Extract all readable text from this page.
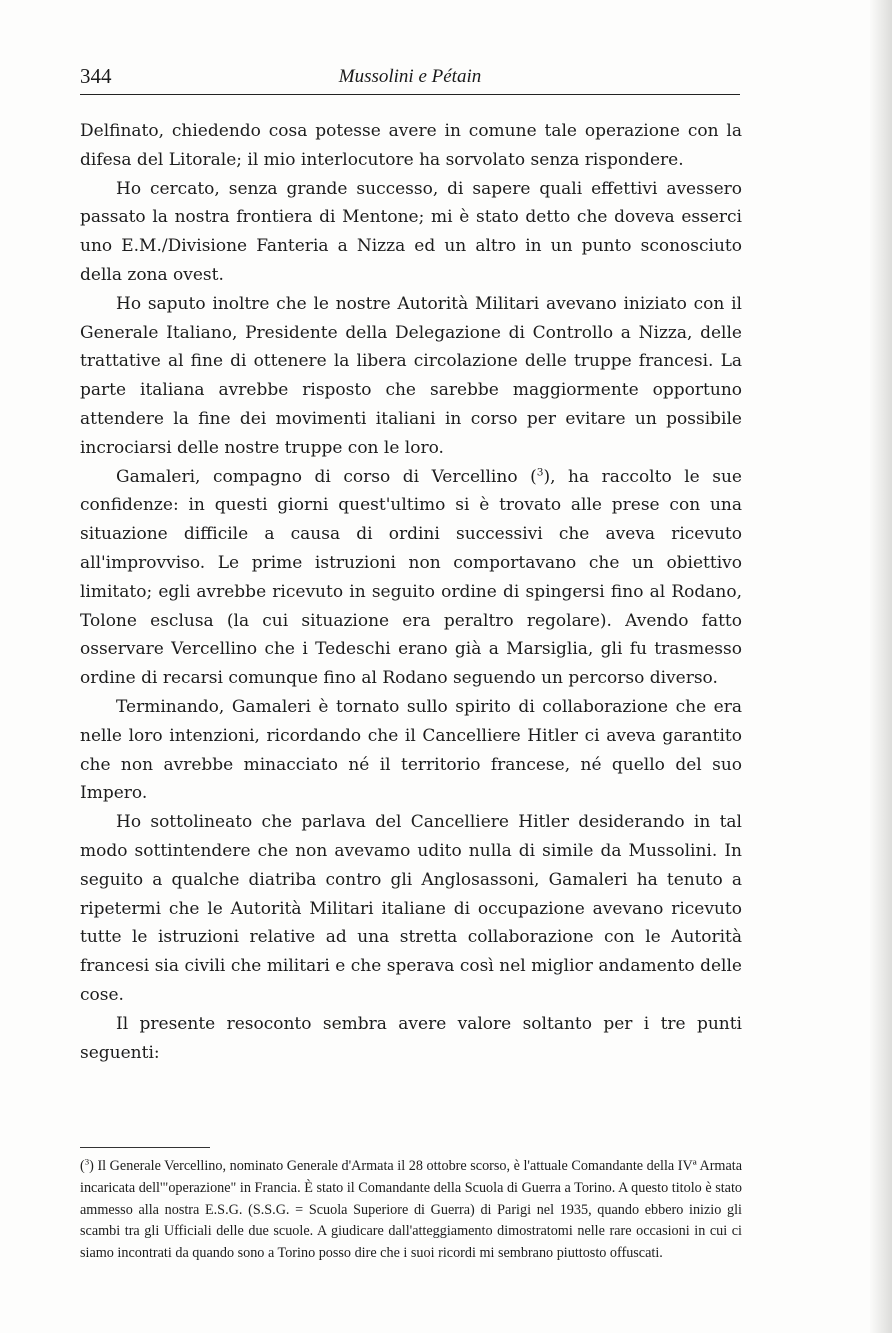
344	Mussolini e Pétain

Delfinato, chiedendo cosa potesse avere in comune tale operazione con la difesa del Litorale; il mio interlocutore ha sorvolato senza rispondere.

Ho cercato, senza grande successo, di sapere quali effettivi avessero passato la nostra frontiera di Mentone; mi è stato detto che doveva esserci uno E.M./Divisione Fanteria a Nizza ed un altro in un punto sconosciuto della zona ovest.

Ho saputo inoltre che le nostre Autorità Militari avevano iniziato con il Generale Italiano, Presidente della Delegazione di Controllo a Nizza, delle trattative al fine di ottenere la libera circolazione delle truppe francesi. La parte italiana avrebbe risposto che sarebbe maggiormente opportuno attendere la fine dei movimenti italiani in corso per evitare un possibile incrociarsi delle nostre truppe con le loro.

Gamaleri, compagno di corso di Vercellino ($^3$), ha raccolto le sue confidenze: in questi giorni quest'ultimo si è trovato alle prese con una situazione difficile a causa di ordini successivi che aveva ricevuto all'improvviso. Le prime istruzioni non comportavano che un obiettivo limitato; egli avrebbe ricevuto in seguito ordine di spingersi fino al Rodano, Tolone esclusa (la cui situazione era peraltro regolare). Avendo fatto osservare Vercellino che i Tedeschi erano già a Marsiglia, gli fu trasmesso ordine di recarsi comunque fino al Rodano seguendo un percorso diverso.

Terminando, Gamaleri è tornato sullo spirito di collaborazione che era nelle loro intenzioni, ricordando che il Cancelliere Hitler ci aveva garantito che non avrebbe minacciato né il territorio francese, né quello del suo Impero.

Ho sottolineato che parlava del Cancelliere Hitler desiderando in tal modo sottintendere che non avevamo udito nulla di simile da Mussolini. In seguito a qualche diatriba contro gli Anglosassoni, Gamaleri ha tenuto a ripetermi che le Autorità Militari italiane di occupazione avevano ricevuto tutte le istruzioni relative ad una stretta collaborazione con le Autorità francesi sia civili che militari e che sperava così nel miglior andamento delle cose.

Il presente resoconto sembra avere valore soltanto per i tre punti seguenti:

($^3$) Il Generale Vercellino, nominato Generale d'Armata il 28 ottobre scorso, è l'attuale Comandante della IVª Armata incaricata dell'"operazione" in Francia. È stato il Comandante della Scuola di Guerra a Torino. A questo titolo è stato ammesso alla nostra E.S.G. (S.S.G. = Scuola Superiore di Guerra) di Parigi nel 1935, quando ebbero inizio gli scambi tra gli Ufficiali delle due scuole. A giudicare dall'atteggiamento dimostratomi nelle rare occasioni in cui ci siamo incontrati da quando sono a Torino posso dire che i suoi ricordi mi sembrano piuttosto offuscati.
